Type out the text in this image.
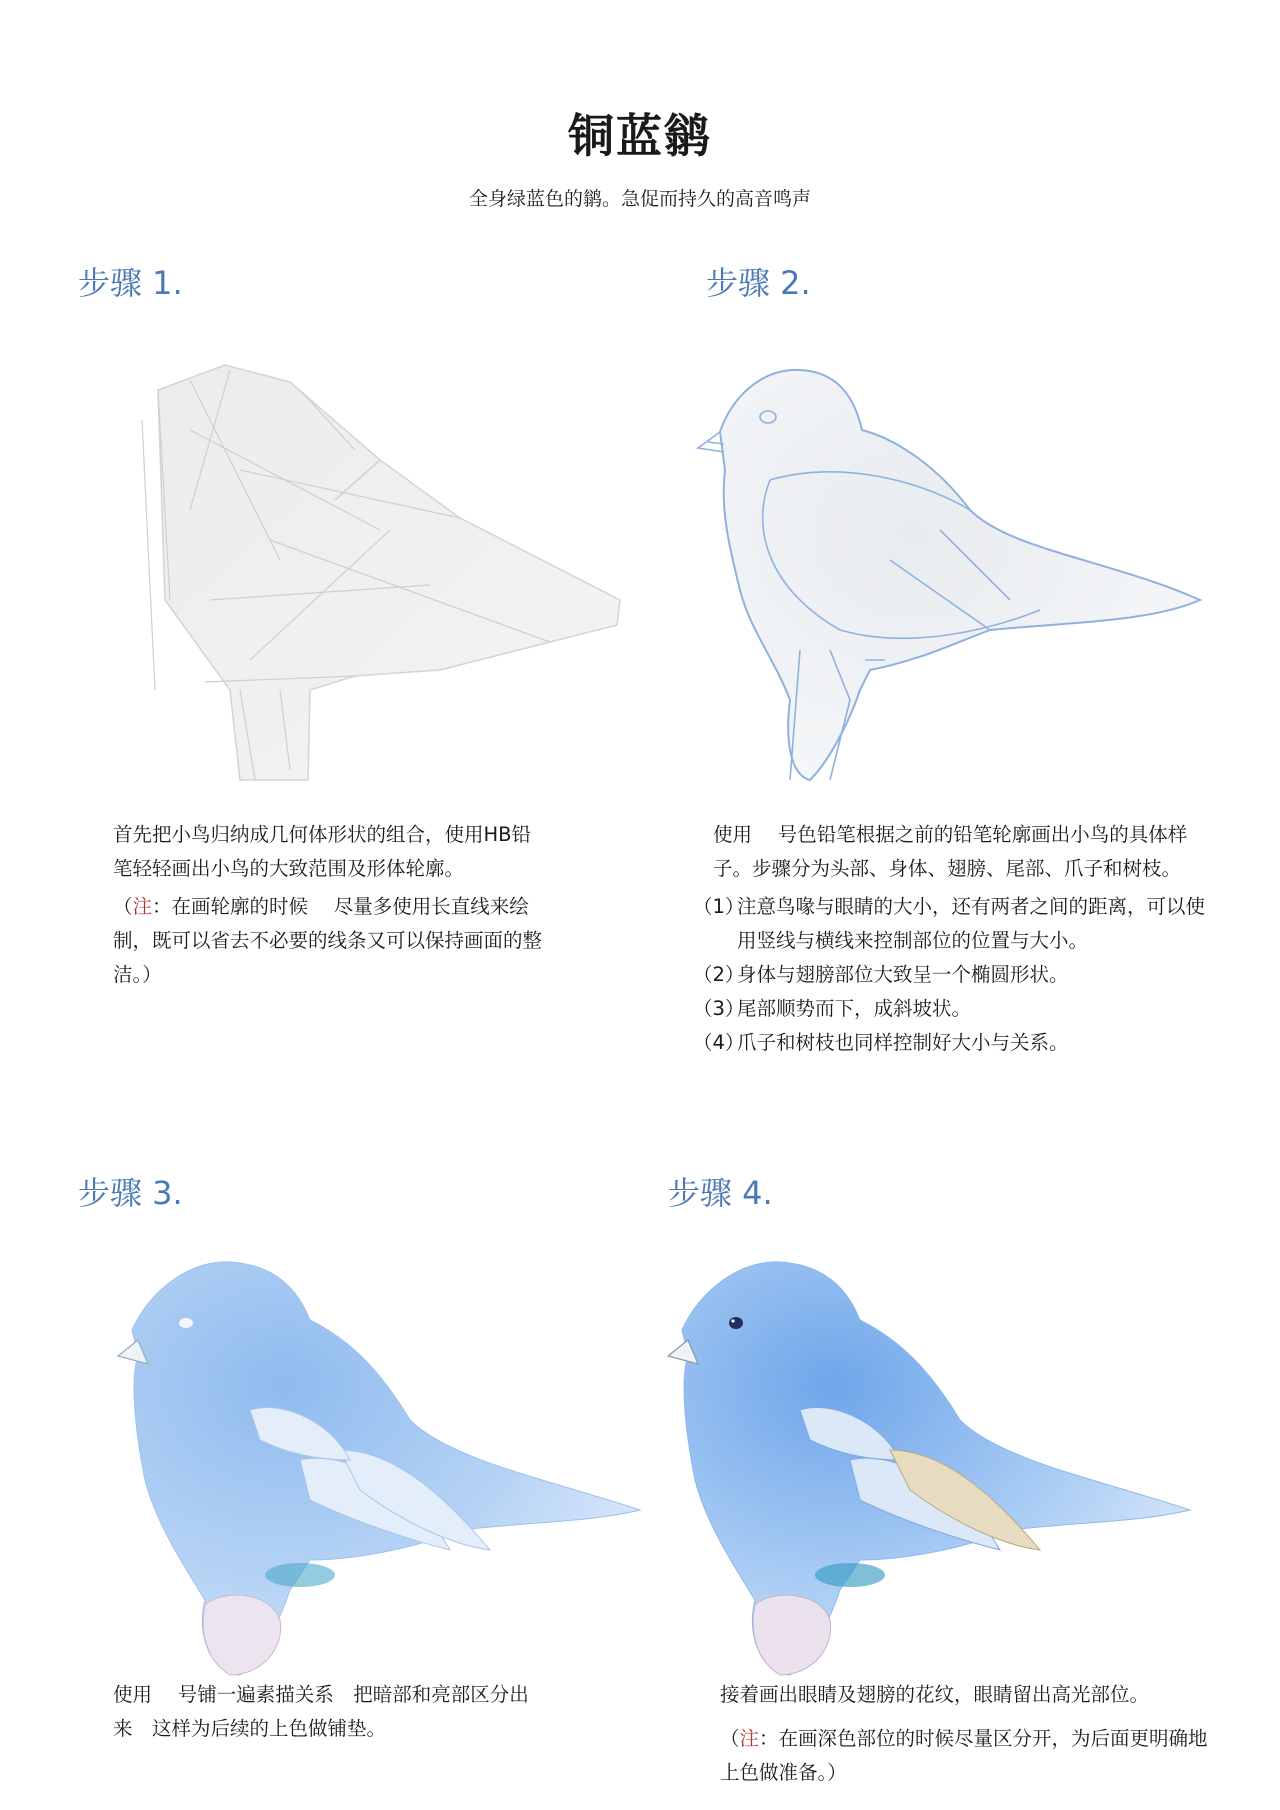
铜蓝鹟
全身绿蓝色的鹟。急促而持久的高音鸣声
步骤 1.

首先把小鸟归纳成几何体形状的组合，使用HB铅笔轻轻画出小鸟的大致范围及形体轮廓。

（注：在画轮廓的时候　 尽量多使用长直线来绘制，既可以省去不必要的线条又可以保持画面的整洁。）

步骤 2.

使用　 号色铅笔根据之前的铅笔轮廓画出小鸟的具体样子。步骤分为头部、身体、翅膀、尾部、爪子和树枝。

（1）
注意鸟喙与眼睛的大小，还有两者之间的距离，可以使用竖线与横线来控制部位的位置与大小。
（2）
身体与翅膀部位大致呈一个椭圆形状。
（3）
尾部顺势而下，成斜坡状。
（4）
爪子和树枝也同样控制好大小与关系。
步骤 3.

使用　 号铺一遍素描关系　把暗部和亮部区分出来　这样为后续的上色做铺垫。

步骤 4.

接着画出眼睛及翅膀的花纹，眼睛留出高光部位。

（注：在画深色部位的时候尽量区分开，为后面更明确地上色做准备。）
